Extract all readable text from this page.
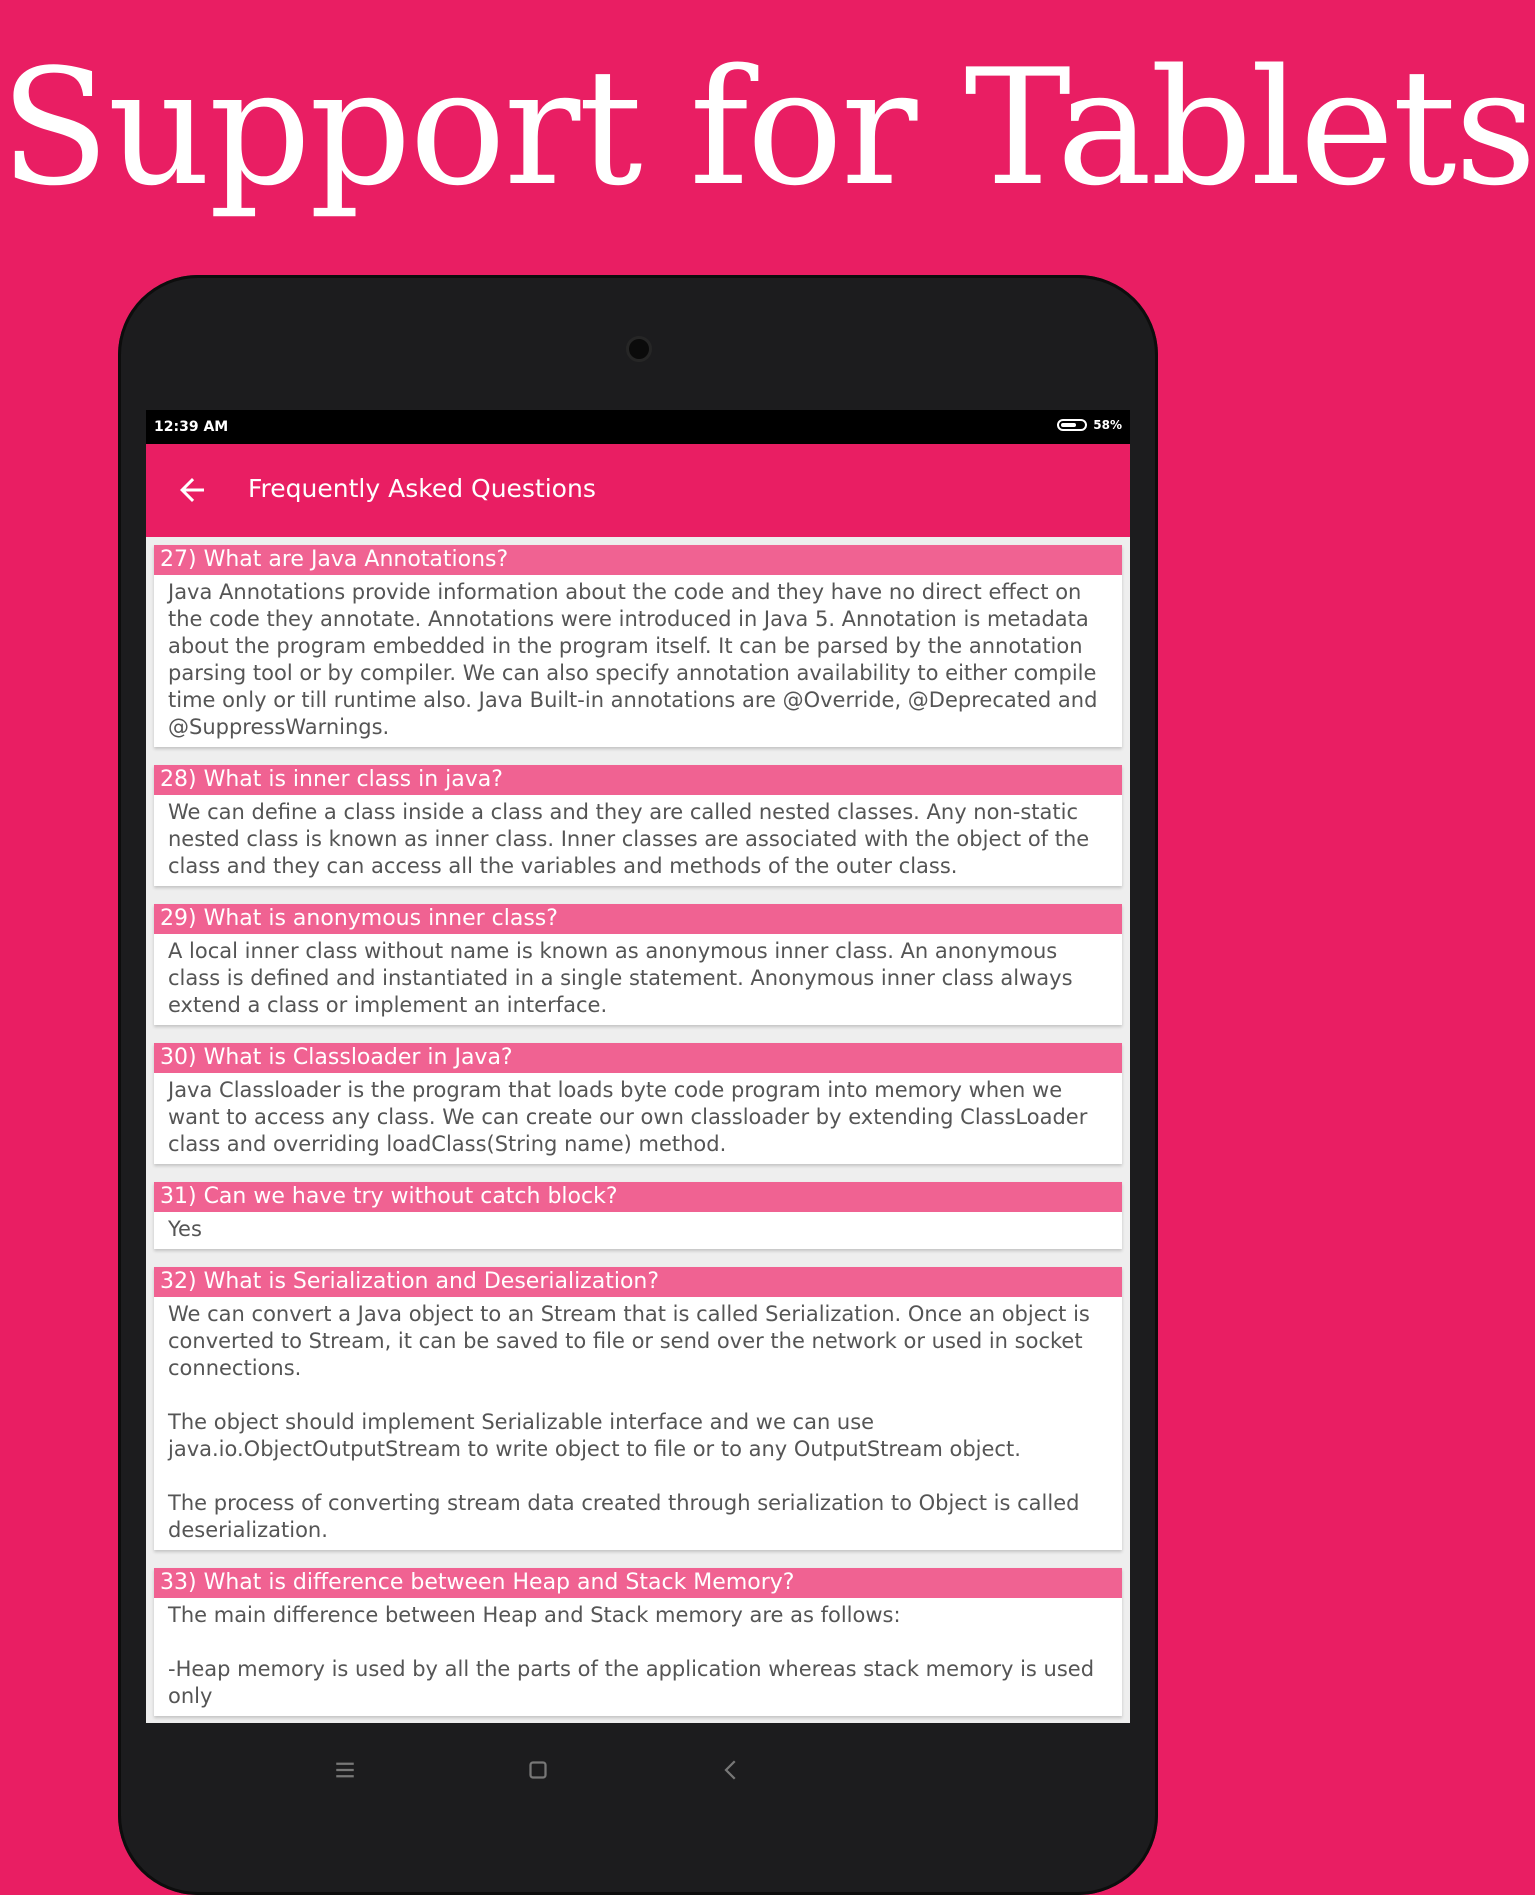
Support for Tablets
12:39 AM	58%
Frequently Asked Questions
27) What are Java Annotations?

Java Annotations provide information about the code and they have no direct effect on the code they annotate. Annotations were introduced in Java 5. Annotation is metadata about the program embedded in the program itself. It can be parsed by the annotation parsing tool or by compiler. We can also specify annotation availability to either compile time only or till runtime also. Java Built-in annotations are @Override, @Deprecated and @SuppressWarnings.

28) What is inner class in java?

We can define a class inside a class and they are called nested classes. Any non-static nested class is known as inner class. Inner classes are associated with the object of the class and they can access all the variables and methods of the outer class.

29) What is anonymous inner class?

A local inner class without name is known as anonymous inner class. An anonymous class is defined and instantiated in a single statement. Anonymous inner class always extend a class or implement an interface.

30) What is Classloader in Java?

Java Classloader is the program that loads byte code program into memory when we want to access any class. We can create our own classloader by extending ClassLoader class and overriding loadClass(String name) method.

31) Can we have try without catch block?

Yes

32) What is Serialization and Deserialization?

We can convert a Java object to an Stream that is called Serialization. Once an object is converted to Stream, it can be saved to file or send over the network or used in socket connections.

The object should implement Serializable interface and we can use java.io.ObjectOutputStream to write object to file or to any OutputStream object.

The process of converting stream data created through serialization to Object is called deserialization.

33) What is difference between Heap and Stack Memory?

The main difference between Heap and Stack memory are as follows:

-Heap memory is used by all the parts of the application whereas stack memory is used only
